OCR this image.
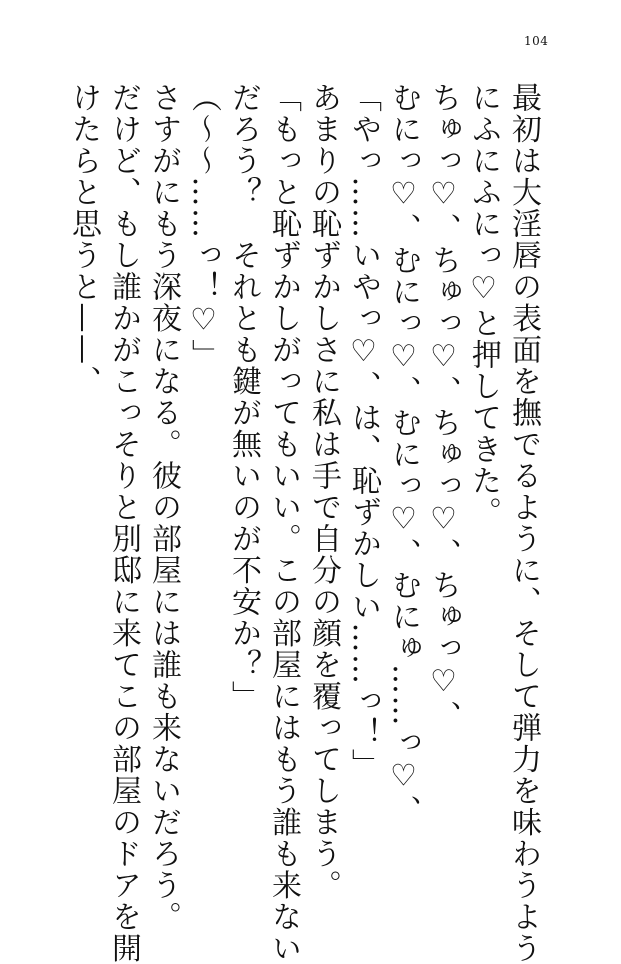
104

最初は大淫唇の表面を撫でるように、そして弾力を味わうよう

にふにふにっ♡と押してきた。

ちゅっ♡、ちゅっ♡、ちゅっ♡、ちゅっ♡、

むにっ♡、むにっ♡、むにっ♡、むにゅ……っ♡、

「やっ……いやっ♡、は、恥ずかしい……っ！」

あまりの恥ずかしさに私は手で自分の顔を覆ってしまう。

「もっと恥ずかしがってもいい。この部屋にはもう誰も来ない

だろう？　それとも鍵が無いのが不安か？」

（〜〜……っ！♡」

さすがにもう深夜になる。彼の部屋には誰も来ないだろう。

だけど、もし誰かがこっそりと別邸に来てこの部屋のドアを開

けたらと思うと——、
